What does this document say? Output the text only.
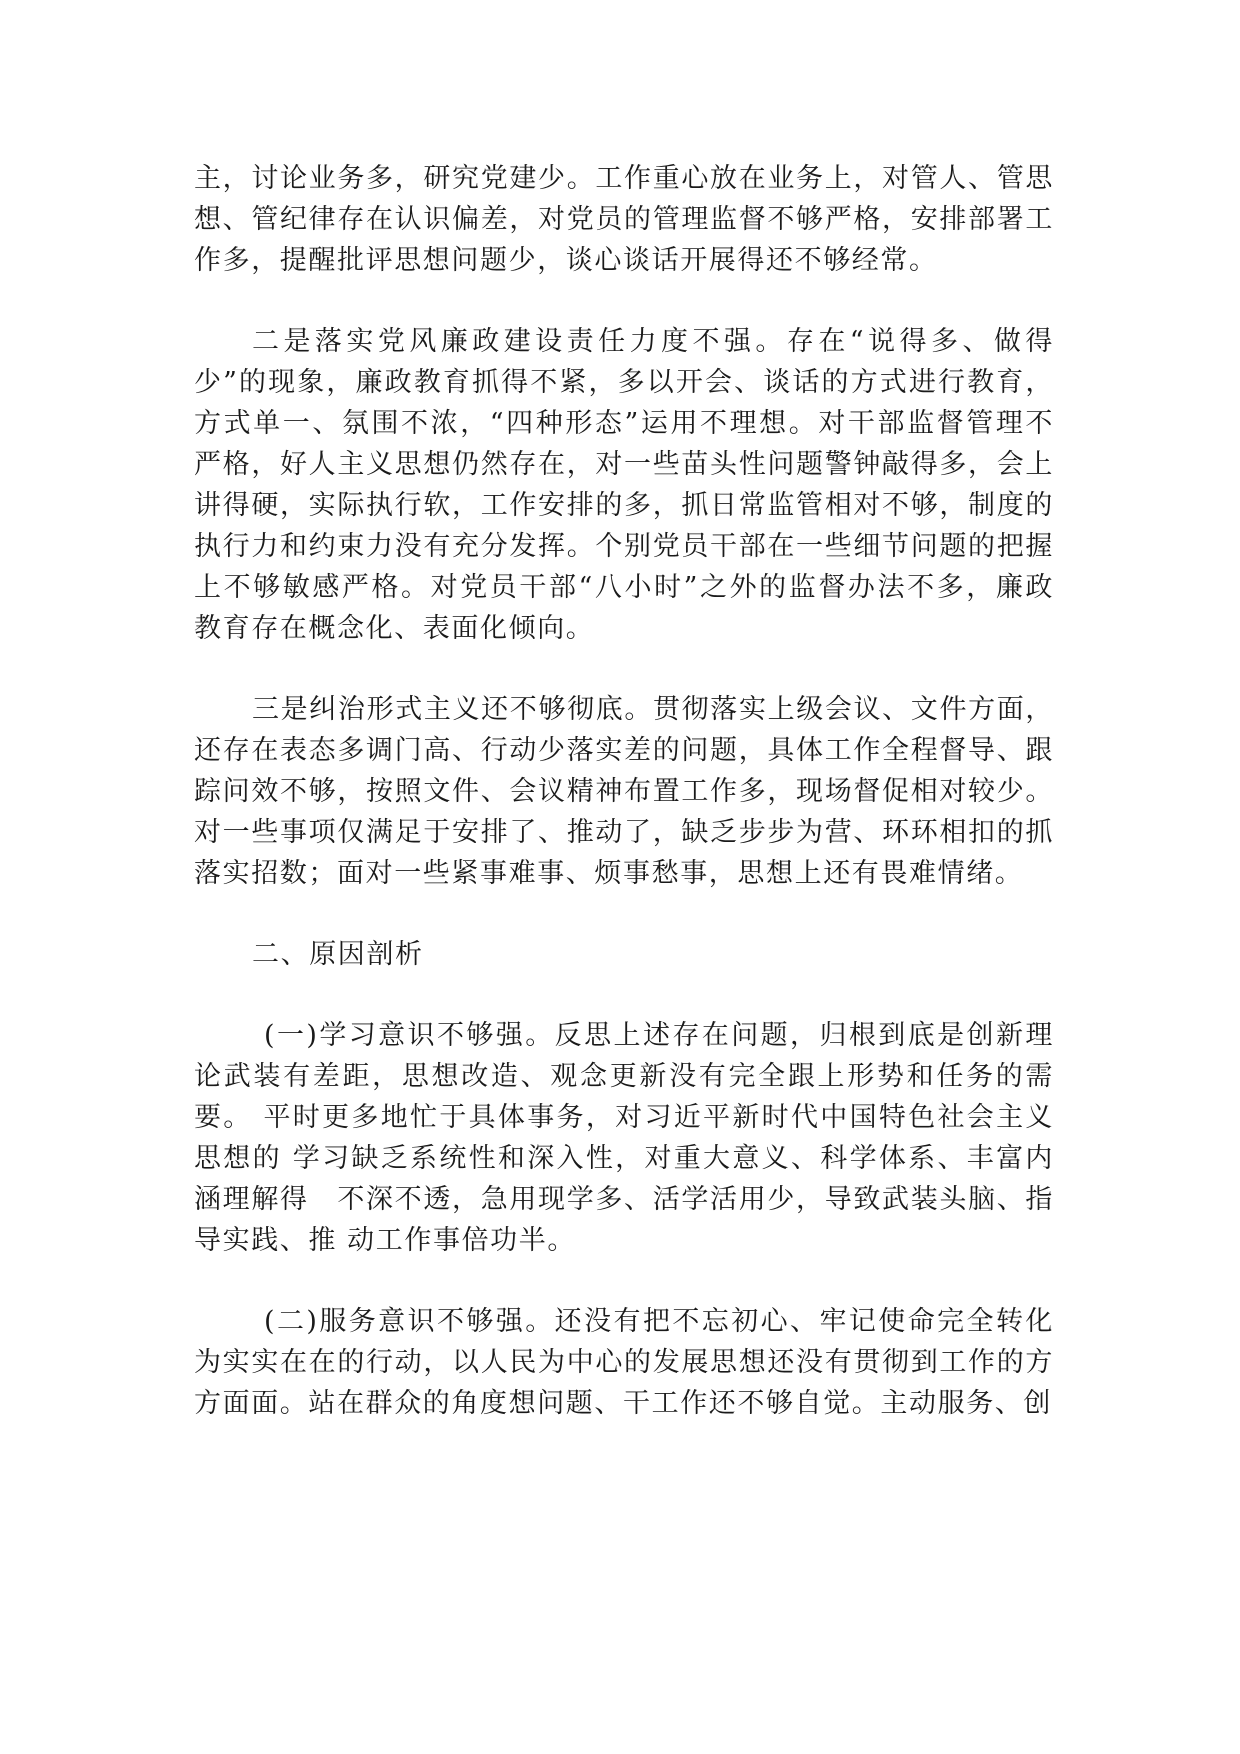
主，讨论业务多，研究党建少。工作重心放在业务上，对管人、管思想、管纪律存在认识偏差，对党员的管理监督不够严格，安排部署工作多，提醒批评思想问题少，谈心谈话开展得还不够经常。

二是落实党风廉政建设责任力度不强。存在“说得多、做得少”的现象，廉政教育抓得不紧，多以开会、谈话的方式进行教育，方式单一、氛围不浓，“四种形态”运用不理想。对干部监督管理不严格，好人主义思想仍然存在，对一些苗头性问题警钟敲得多，会上讲得硬，实际执行软，工作安排的多，抓日常监管相对不够，制度的执行力和约束力没有充分发挥。个别党员干部在一些细节问题的把握上不够敏感严格。对党员干部“八小时”之外的监督办法不多，廉政教育存在概念化、表面化倾向。

三是纠治形式主义还不够彻底。贯彻落实上级会议、文件方面，还存在表态多调门高、行动少落实差的问题，具体工作全程督导、跟踪问效不够，按照文件、会议精神布置工作多，现场督促相对较少。对一些事项仅满足于安排了、推动了，缺乏步步为营、环环相扣的抓落实招数；面对一些紧事难事、烦事愁事，思想上还有畏难情绪。

二、原因剖析

(一)学习意识不够强。反思上述存在问题，归根到底是创新理论武装有差距，思想改造、观念更新没有完全跟上形势和任务的需要。 平时更多地忙于具体事务，对习近平新时代中国特色社会主义思想的 学习缺乏系统性和深入性，对重大意义、科学体系、丰富内涵理解得　不深不透，急用现学多、活学活用少，导致武装头脑、指导实践、推 动工作事倍功半。

(二)服务意识不够强。还没有把不忘初心、牢记使命完全转化为实实在在的行动，以人民为中心的发展思想还没有贯彻到工作的方方面面。站在群众的角度想问题、干工作还不够自觉。主动服务、创
